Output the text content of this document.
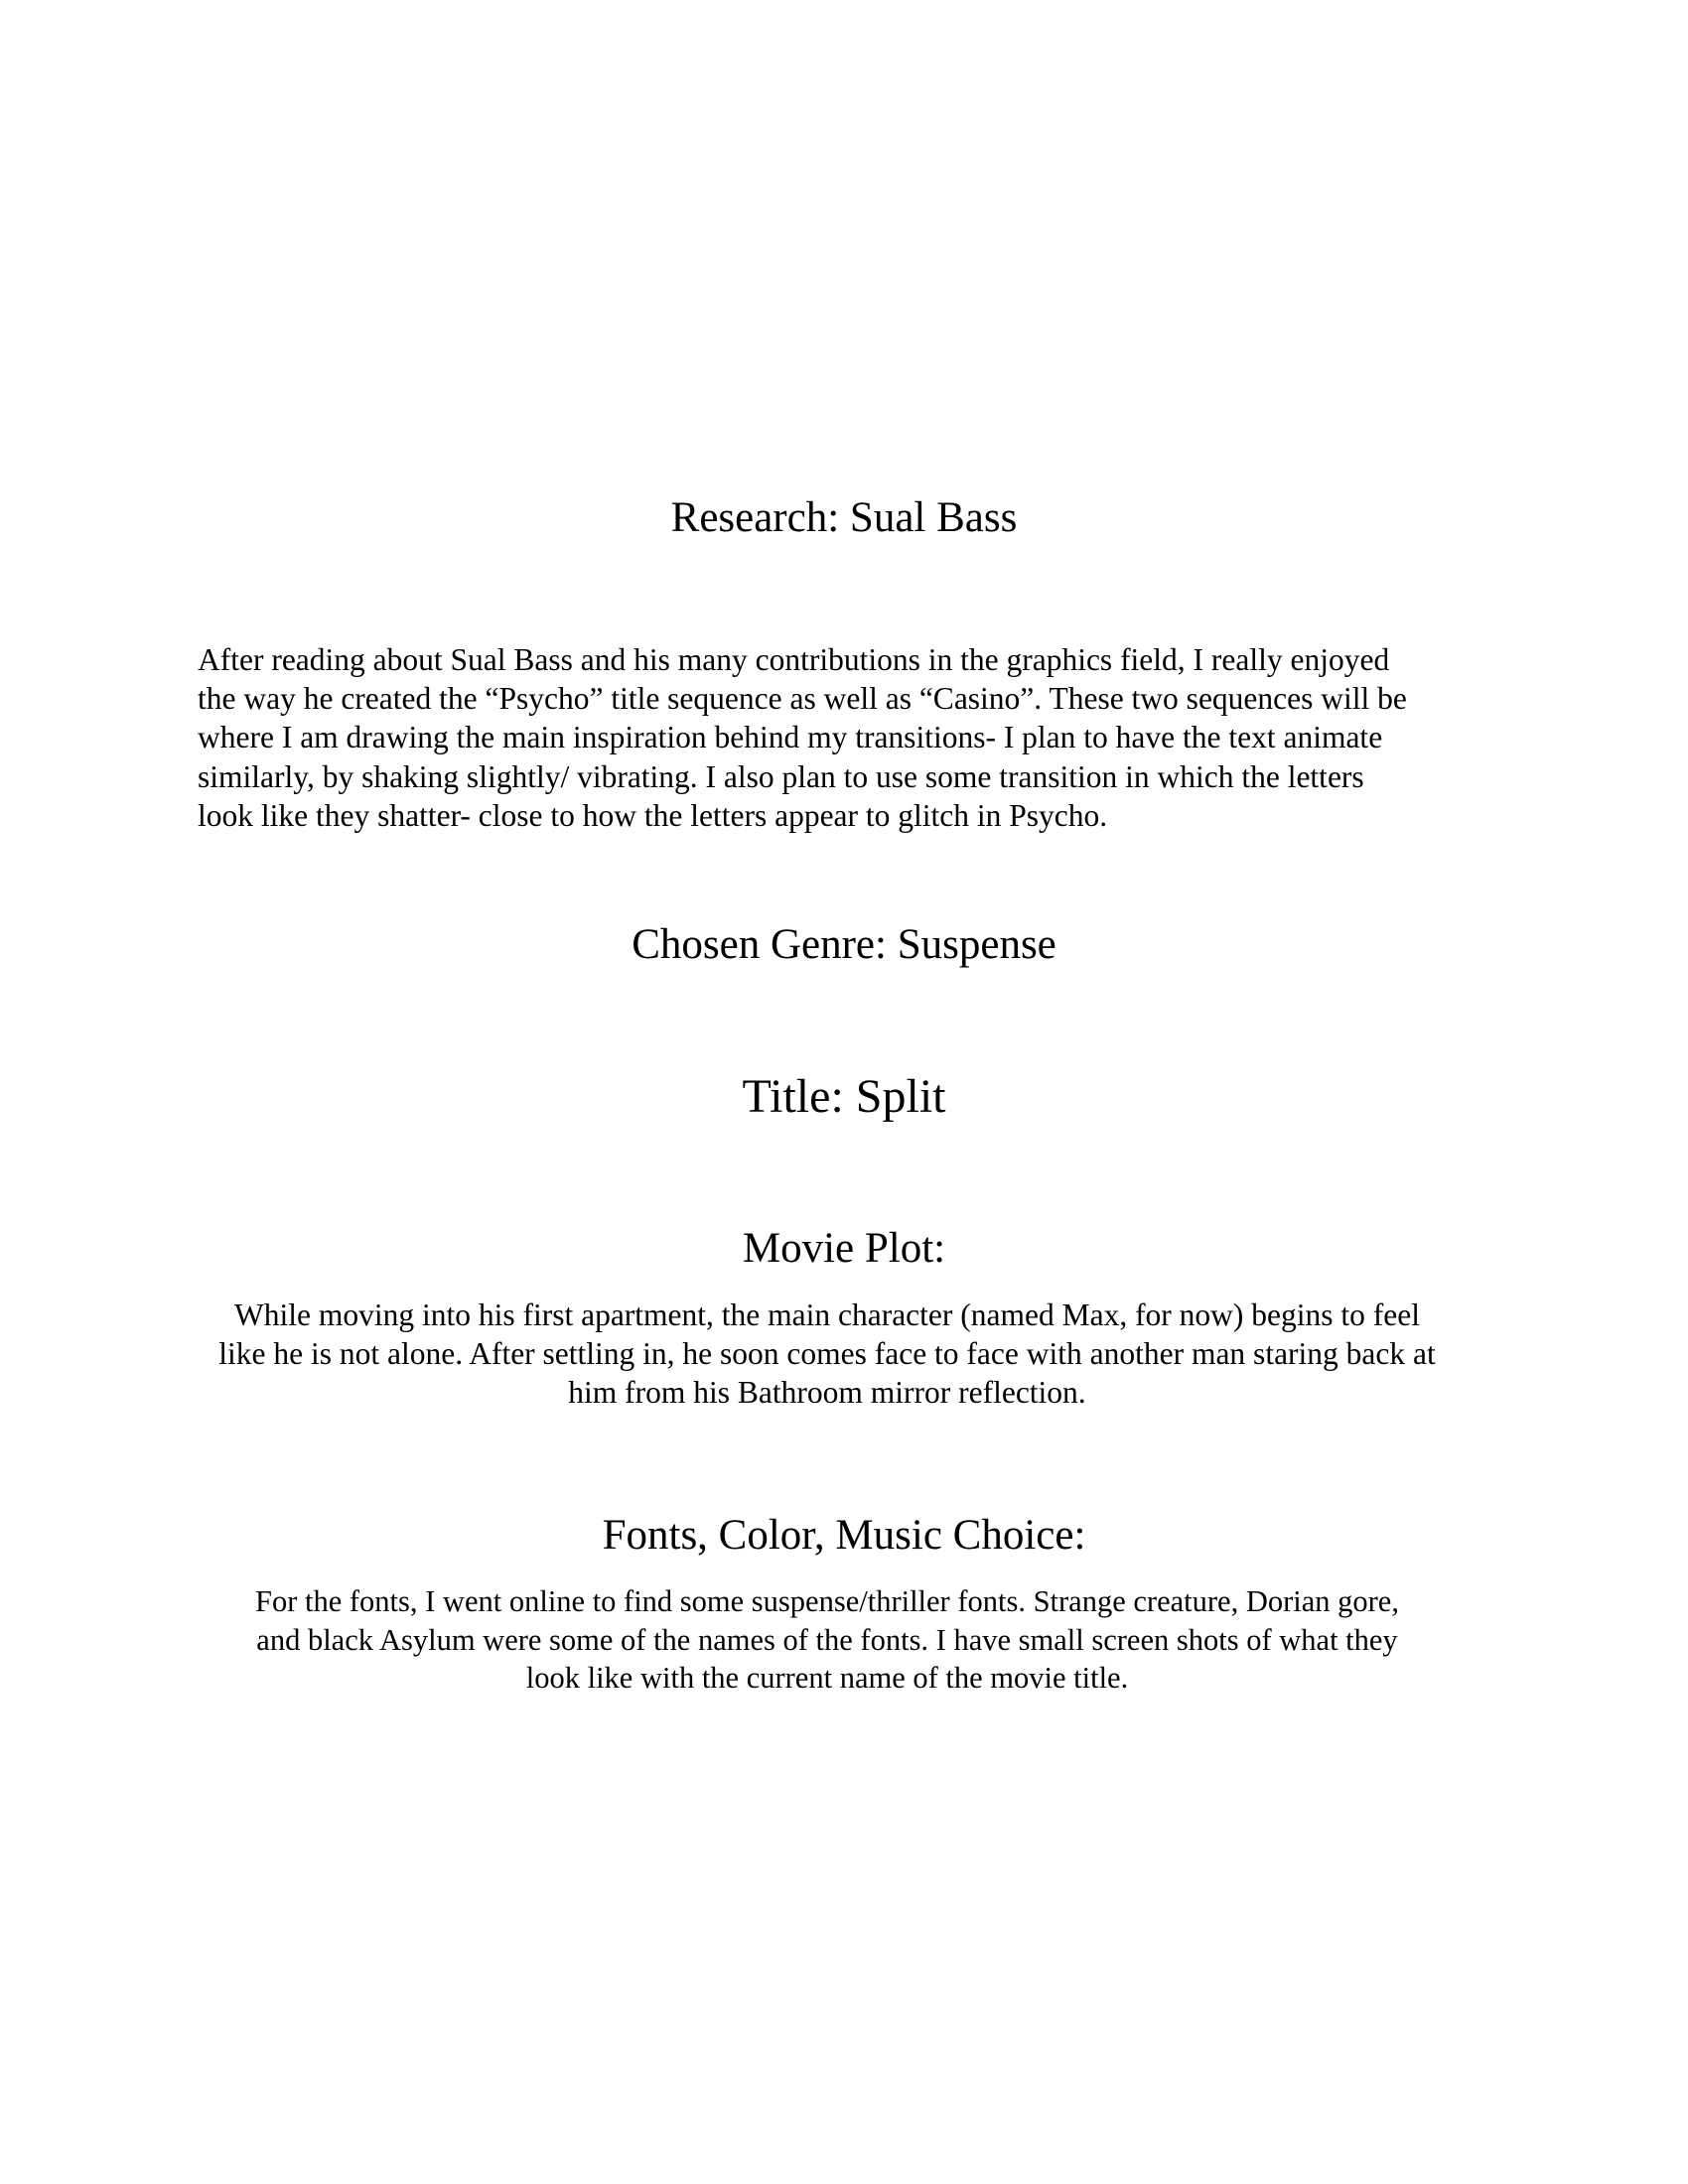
Research: Sual Bass
After reading about Sual Bass and his many contributions in the graphics field, I really enjoyed
the way he created the “Psycho” title sequence as well as “Casino”. These two sequences will be
where I am drawing the main inspiration behind my transitions- I plan to have the text animate
similarly, by shaking slightly/ vibrating. I also plan to use some transition in which the letters
look like they shatter- close to how the letters appear to glitch in Psycho.
Chosen Genre: Suspense
Title: Split
Movie Plot:
While moving into his first apartment, the main character (named Max, for now) begins to feel
like he is not alone. After settling in, he soon comes face to face with another man staring back at
him from his Bathroom mirror reflection.
Fonts, Color, Music Choice:
For the fonts, I went online to find some suspense/thriller fonts. Strange creature, Dorian gore,
and black Asylum were some of the names of the fonts. I have small screen shots of what they
look like with the current name of the movie title.
